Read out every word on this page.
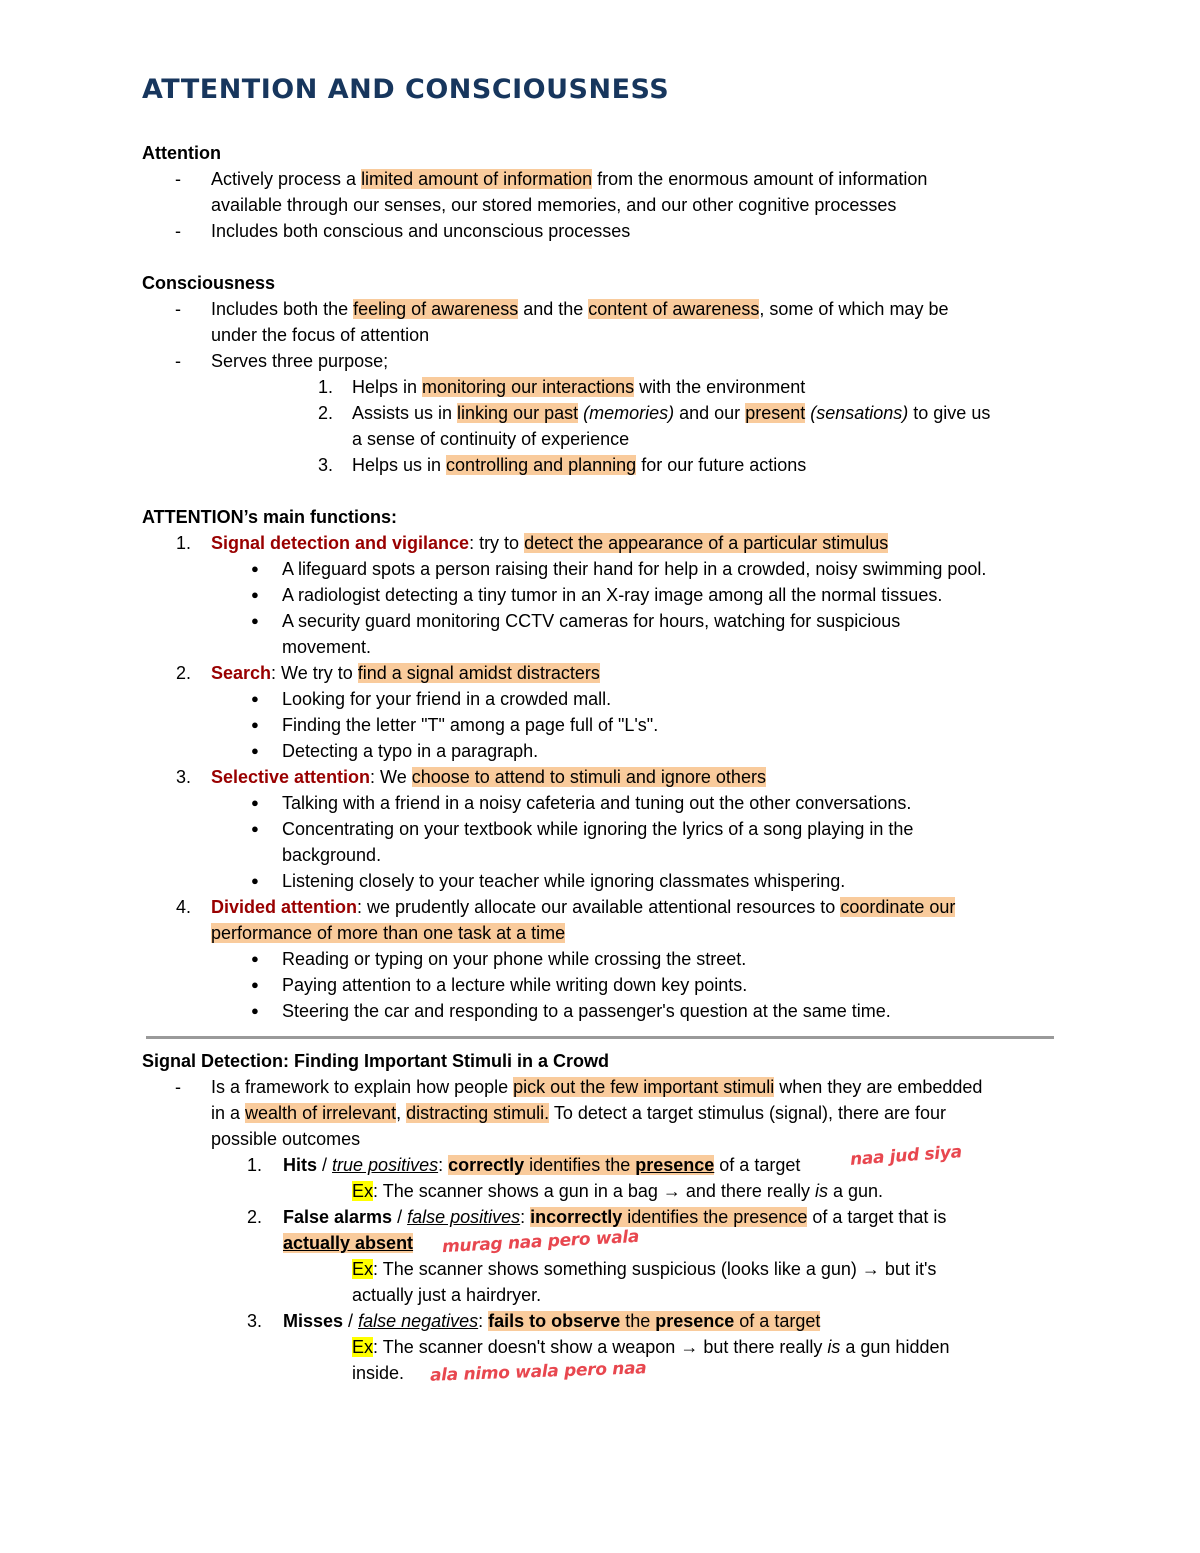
ATTENTION AND CONSCIOUSNESS
Attention
- Actively process a limited amount of information from the enormous amount of information
available through our senses, our stored memories, and our other cognitive processes
- Includes both conscious and unconscious processes
Consciousness
- Includes both the feeling of awareness and the content of awareness, some of which may be
under the focus of attention
- Serves three purpose;
1. Helps in monitoring our interactions with the environment
2. Assists us in linking our past (memories) and our present (sensations) to give us
a sense of continuity of experience
3. Helps us in controlling and planning for our future actions
ATTENTION’s main functions:
1. Signal detection and vigilance: try to detect the appearance of a particular stimulus
● A lifeguard spots a person raising their hand for help in a crowded, noisy swimming pool.
● A radiologist detecting a tiny tumor in an X-ray image among all the normal tissues.
● A security guard monitoring CCTV cameras for hours, watching for suspicious
movement.
2. Search: We try to find a signal amidst distracters
● Looking for your friend in a crowded mall.
● Finding the letter "T" among a page full of "L's".
● Detecting a typo in a paragraph.
3. Selective attention: We choose to attend to stimuli and ignore others
● Talking with a friend in a noisy cafeteria and tuning out the other conversations.
● Concentrating on your textbook while ignoring the lyrics of a song playing in the
background.
● Listening closely to your teacher while ignoring classmates whispering.
4. Divided attention: we prudently allocate our available attentional resources to coordinate our
performance of more than one task at a time
● Reading or typing on your phone while crossing the street.
● Paying attention to a lecture while writing down key points.
● Steering the car and responding to a passenger's question at the same time.
Signal Detection: Finding Important Stimuli in a Crowd
- Is a framework to explain how people pick out the few important stimuli when they are embedded
in a wealth of irrelevant, distracting stimuli. To detect a target stimulus (signal), there are four
possible outcomes
1. Hits / true positives: correctly identifies the presence of a target
Ex: The scanner shows a gun in a bag → and there really is a gun.
2. False alarms / false positives: incorrectly identifies the presence of a target that is
actually absent
Ex: The scanner shows something suspicious (looks like a gun) → but it's
actually just a hairdryer.
3. Misses / false negatives: fails to observe the presence of a target
Ex: The scanner doesn't show a weapon → but there really is a gun hidden
inside.
naa jud siya
murag naa pero wala
ala nimo wala pero naa
